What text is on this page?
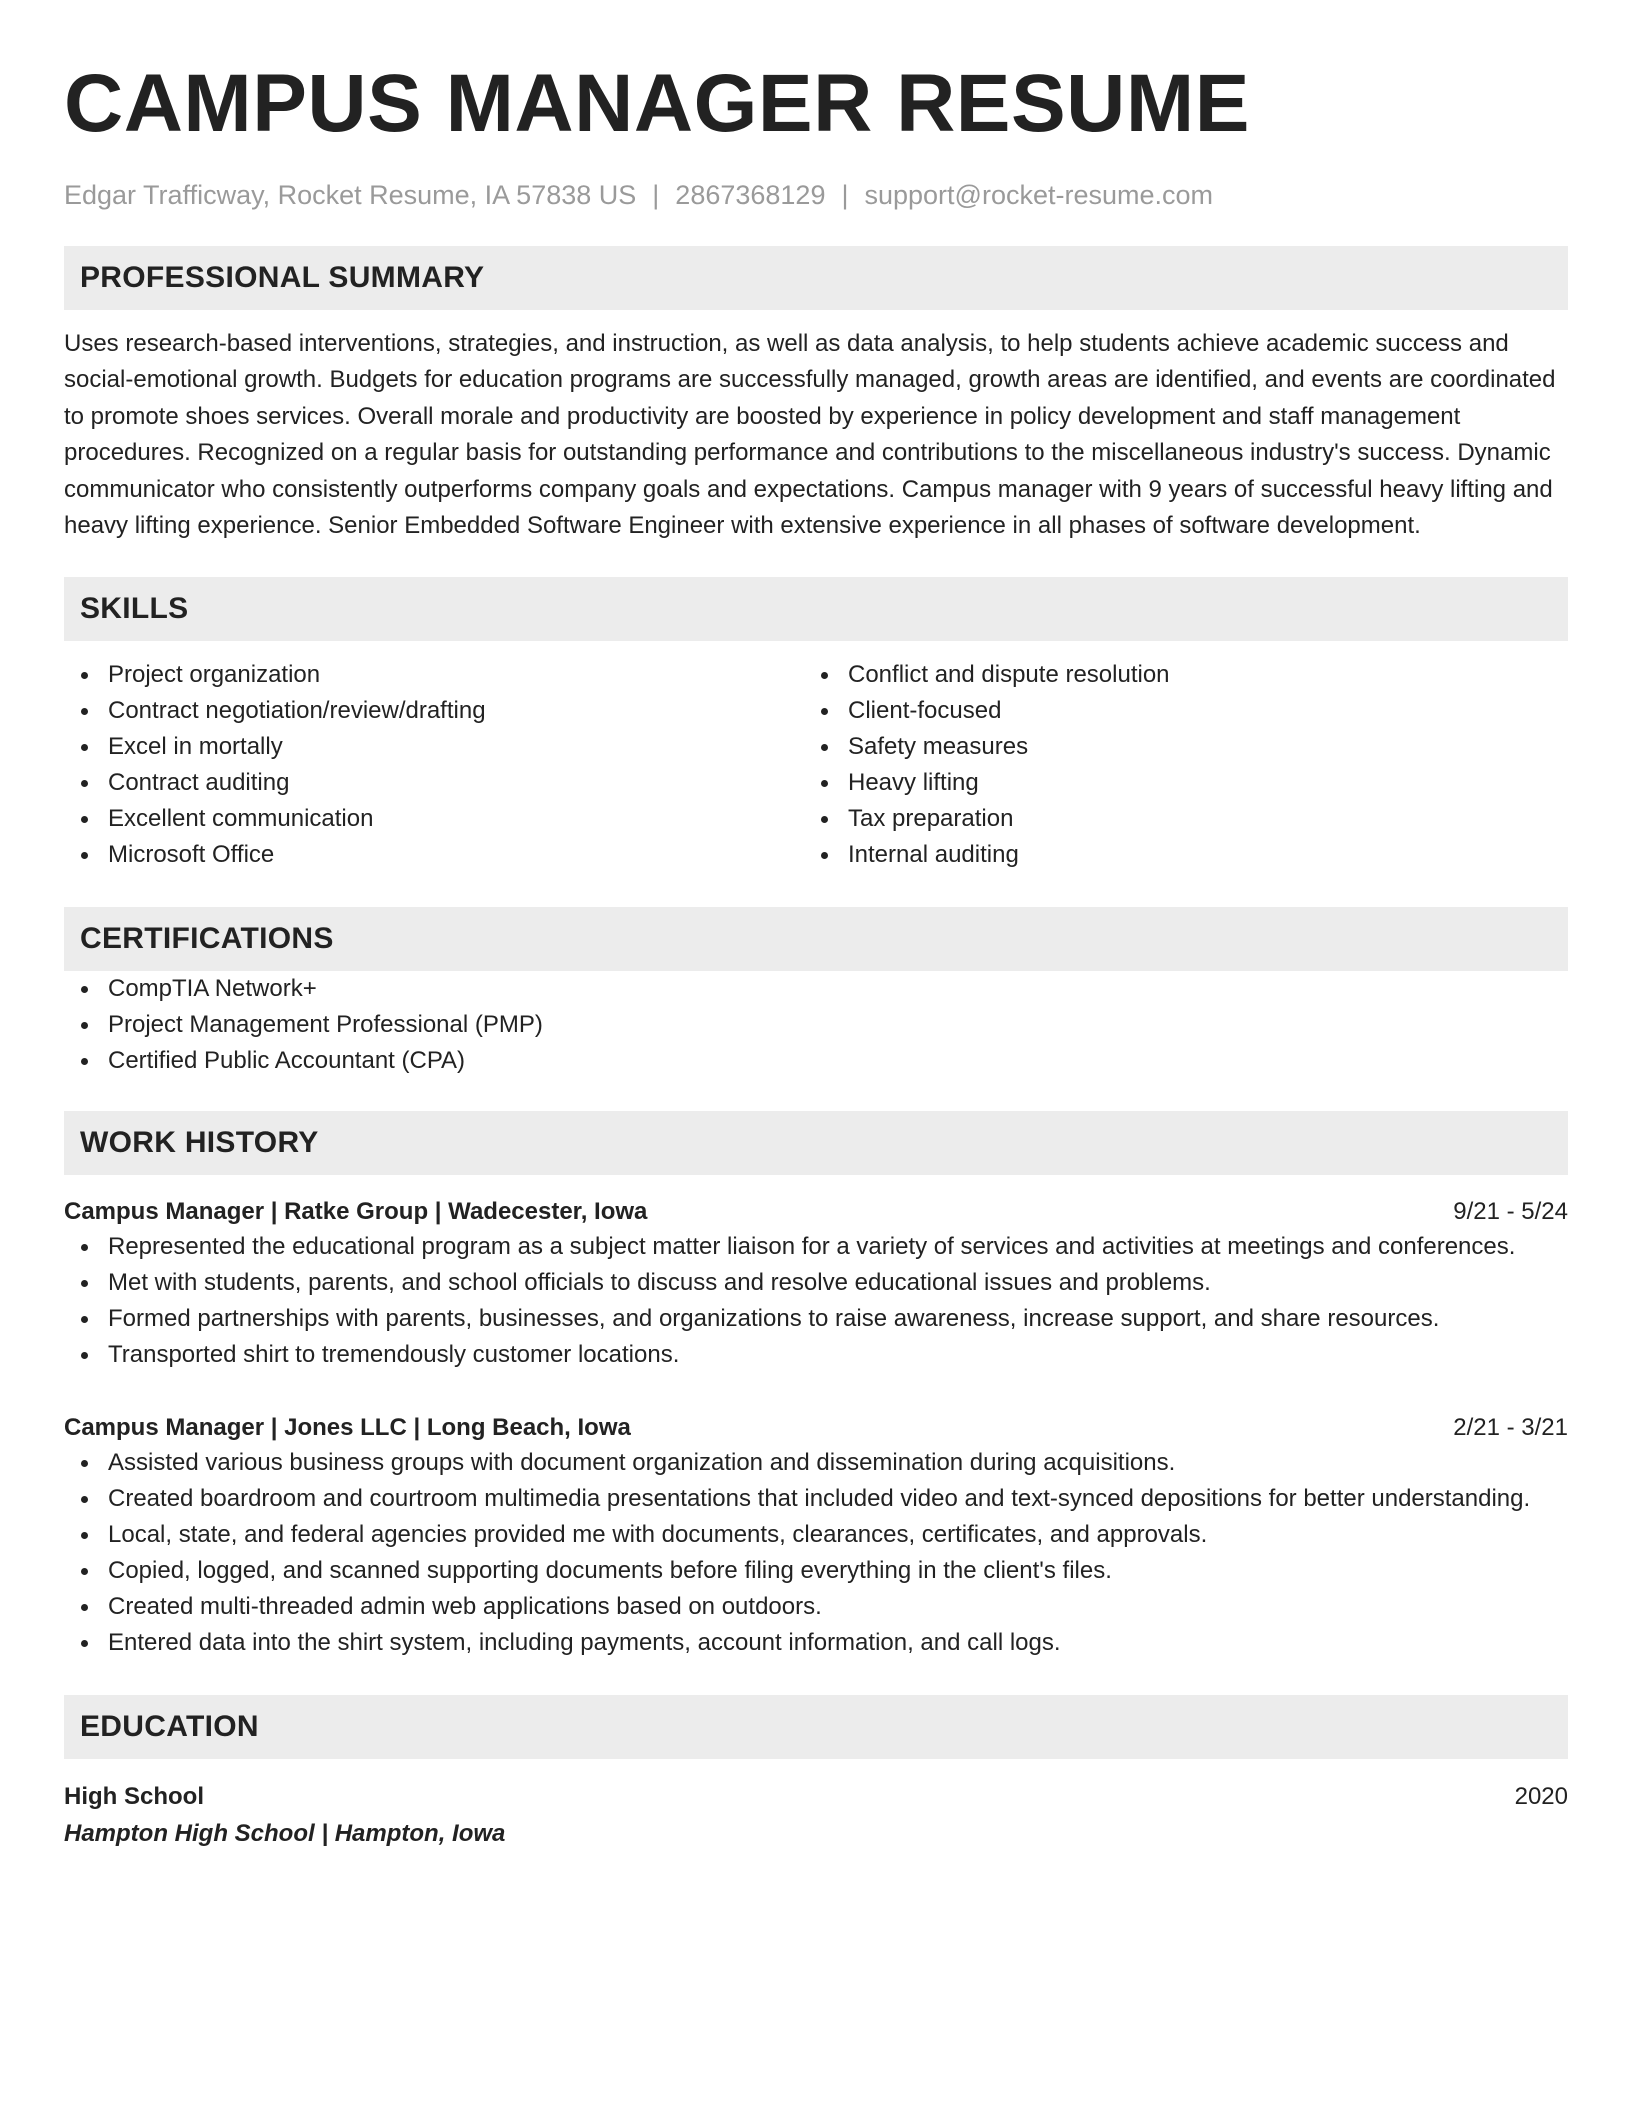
CAMPUS MANAGER RESUME
Edgar Trafficway, Rocket Resume, IA 57838 US | 2867368129 | support@rocket-resume.com
PROFESSIONAL SUMMARY
Uses research-based interventions, strategies, and instruction, as well as data analysis, to help students achieve academic success and social-emotional growth. Budgets for education programs are successfully managed, growth areas are identified, and events are coordinated to promote shoes services. Overall morale and productivity are boosted by experience in policy development and staff management procedures. Recognized on a regular basis for outstanding performance and contributions to the miscellaneous industry's success. Dynamic communicator who consistently outperforms company goals and expectations. Campus manager with 9 years of successful heavy lifting and heavy lifting experience. Senior Embedded Software Engineer with extensive experience in all phases of software development.
SKILLS
Project organization
Contract negotiation/review/drafting
Excel in mortally
Contract auditing
Excellent communication
Microsoft Office
Conflict and dispute resolution
Client-focused
Safety measures
Heavy lifting
Tax preparation
Internal auditing
CERTIFICATIONS
CompTIA Network+
Project Management Professional (PMP)
Certified Public Accountant (CPA)
WORK HISTORY
Campus Manager | Ratke Group | Wadecester, Iowa	9/21 - 5/24
Represented the educational program as a subject matter liaison for a variety of services and activities at meetings and conferences.
Met with students, parents, and school officials to discuss and resolve educational issues and problems.
Formed partnerships with parents, businesses, and organizations to raise awareness, increase support, and share resources.
Transported shirt to tremendously customer locations.
Campus Manager | Jones LLC | Long Beach, Iowa	2/21 - 3/21
Assisted various business groups with document organization and dissemination during acquisitions.
Created boardroom and courtroom multimedia presentations that included video and text-synced depositions for better understanding.
Local, state, and federal agencies provided me with documents, clearances, certificates, and approvals.
Copied, logged, and scanned supporting documents before filing everything in the client's files.
Created multi-threaded admin web applications based on outdoors.
Entered data into the shirt system, including payments, account information, and call logs.
EDUCATION
High School	2020
Hampton High School | Hampton, Iowa
